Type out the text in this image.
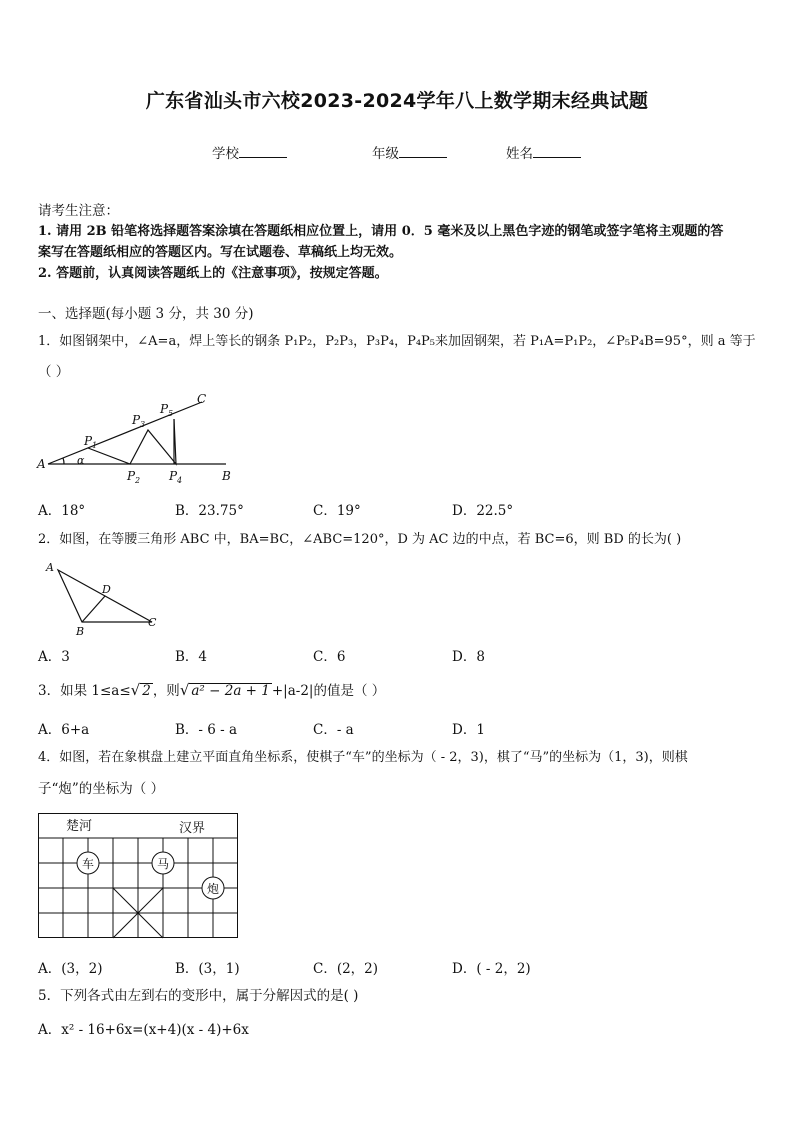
广东省汕头市六校2023-2024学年八上数学期末经典试题
学校	年级	姓名
请考生注意：
1. 请用 2B 铅笔将选择题答案涂填在答题纸相应位置上，请用 0．5 毫米及以上黑色字迹的钢笔或签字笔将主观题的答
案写在答题纸相应的答题区内。写在试题卷、草稿纸上均无效。
2. 答题前，认真阅读答题纸上的《注意事项》，按规定答题。
一、选择题(每小题 3 分，共 30 分)
1．如图钢架中，∠A=a，焊上等长的钢条 P₁P₂，P₂P₃，P₃P₄，P₄P₅来加固钢架，若 P₁A=P₁P₂，∠P₅P₄B=95°，则 a 等于
（ ）
A
B
C
α
P 1
P 2
P 3
P 4
P 5
A．18°	B．23.75°	C．19°	D．22.5°
2．如图，在等腰三角形 ABC 中，BA=BC，∠ABC=120°，D 为 AC 边的中点，若 BC=6，则 BD 的长为( )
A
B
C
D
A．3	B．4	C．6	D．8
3．如果 1≤a≤√ 2 ，则√ a² − 2a + 1 +|a-2|的值是（ ）
A．6+a	B．- 6 - a	C．- a	D．1
4．如图，若在象棋盘上建立平面直角坐标系，使棋子“车”的坐标为（ - 2，3)，棋了“马”的坐标为（1，3)，则棋
子“炮”的坐标为（ ）
楚河	汉界
车	马
炮
A．(3，2)	B．(3，1)	C．(2，2)	D．( - 2，2)
5．下列各式由左到右的变形中，属于分解因式的是( )
A．x² - 16+6x=(x+4)(x - 4)+6x
